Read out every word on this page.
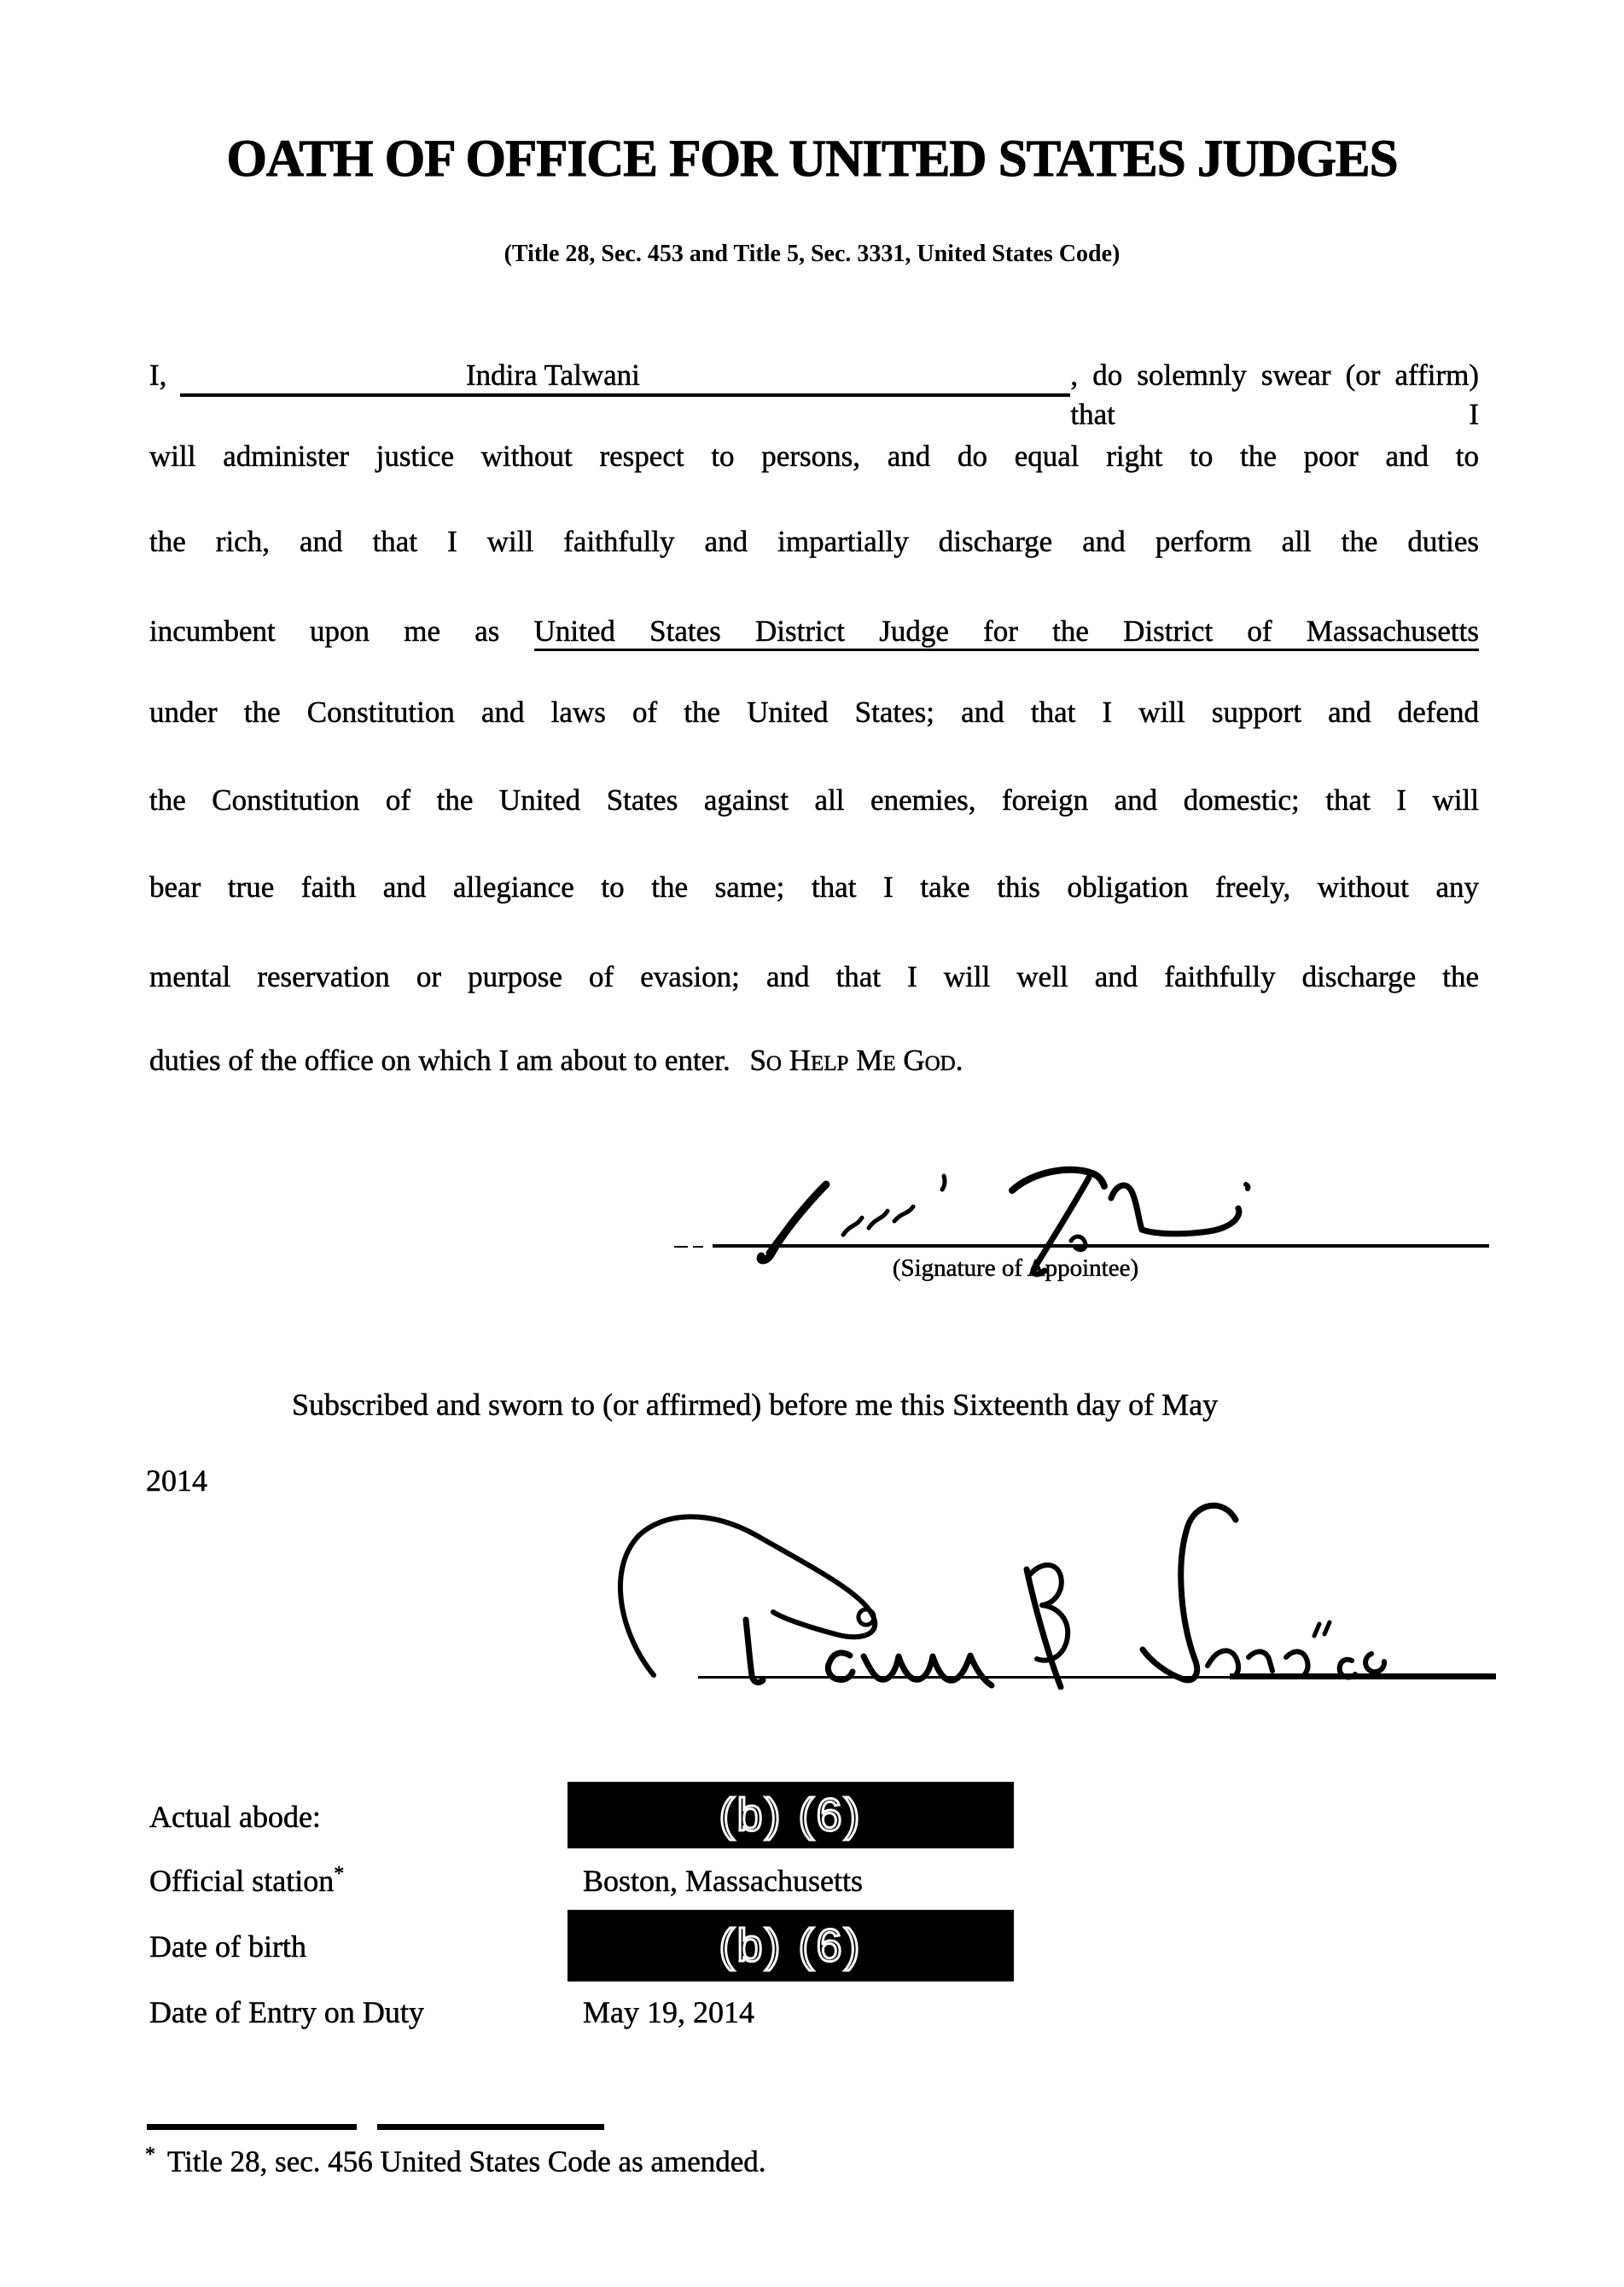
OATH OF OFFICE FOR UNITED STATES JUDGES
(Title 28, Sec. 453 and Title 5, Sec. 3331, United States Code)
I,	Indira Talwani	, do solemnly swear (or affirm) that I
will administer justice without respect to persons, and do equal right to the poor and to
the rich, and that I will faithfully and impartially discharge and perform all the duties
incumbent upon me as United States District Judge for the District of Massachusetts
under the Constitution and laws of the United States; and that I will support and defend
the Constitution of the United States against all enemies, foreign and domestic; that I will
bear true faith and allegiance to the same; that I take this obligation freely, without any
mental reservation or purpose of evasion; and that I will well and faithfully discharge the
duties of the office on which I am about to enter. So Help Me God.
(Signature of Appointee)
Subscribed and sworn to (or affirmed) before me this Sixteenth day of May
2014
Actual abode:	(b) (6)
Official station*	Boston, Massachusetts
Date of birth	(b) (6)
Date of Entry on Duty	May 19, 2014
* Title 28, sec. 456 United States Code as amended.
